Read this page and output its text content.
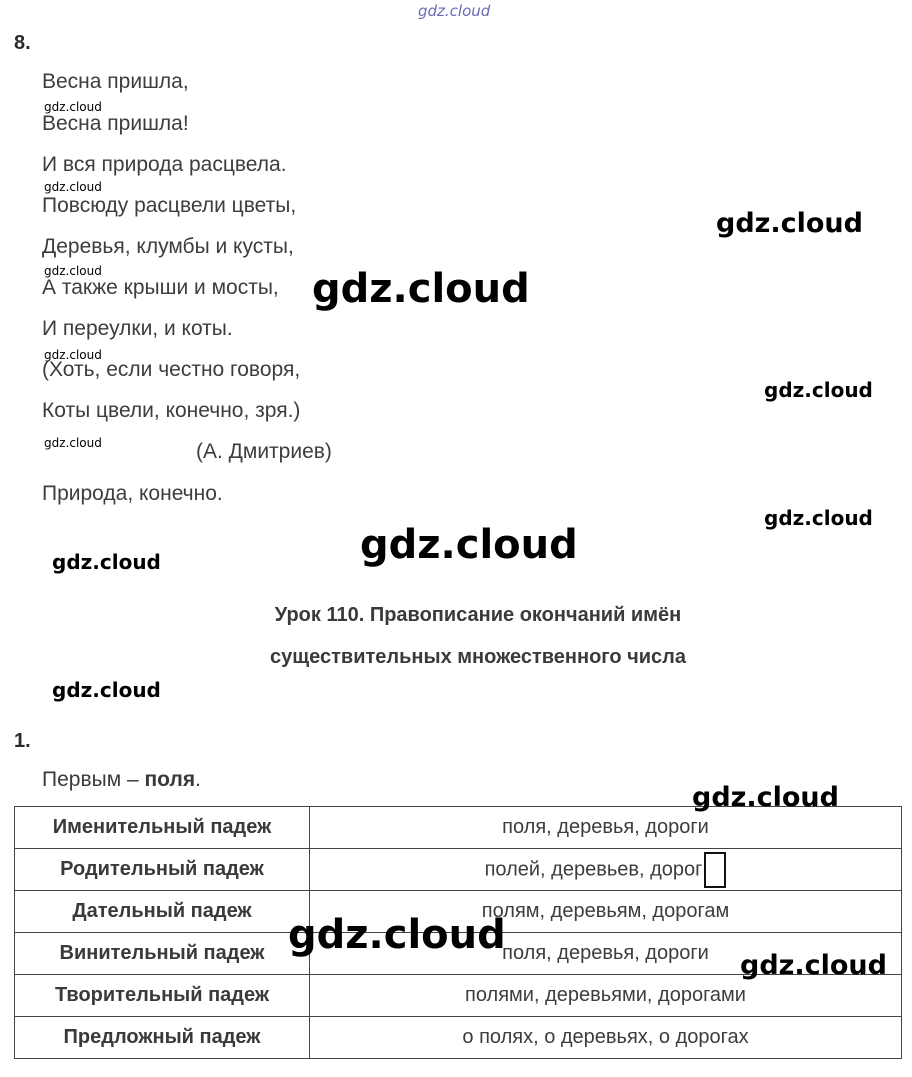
gdz.cloud
8.
Весна пришла,
Весна пришла!
И вся природа расцвела.
Повсюду расцвели цветы,
Деревья, клумбы и кусты,
А также крыши и мосты,
И переулки, и коты.
(Хоть, если честно говоря,
Коты цвели, конечно, зря.)
(А. Дмитриев)
Природа, конечно.
gdz.cloud
gdz.cloud
gdz.cloud
gdz.cloud
gdz.cloud
gdz.cloud
gdz.cloud
gdz.cloud
gdz.cloud
gdz.cloud
gdz.cloud
Урок 110. Правописание окончаний имён
существительных множественного числа
gdz.cloud
1.
Первым – поля.
Именительный падеж	поля, деревья, дороги
Родительный падеж	полей, деревьев, дорог
Дательный падеж	полям, деревьям, дорогам
Винительный падеж	поля, деревья, дороги
Творительный падеж	полями, деревьями, дорогами
Предложный падеж	о полях, о деревьях, о дорогах
gdz.cloud
gdz.cloud
gdz.cloud
